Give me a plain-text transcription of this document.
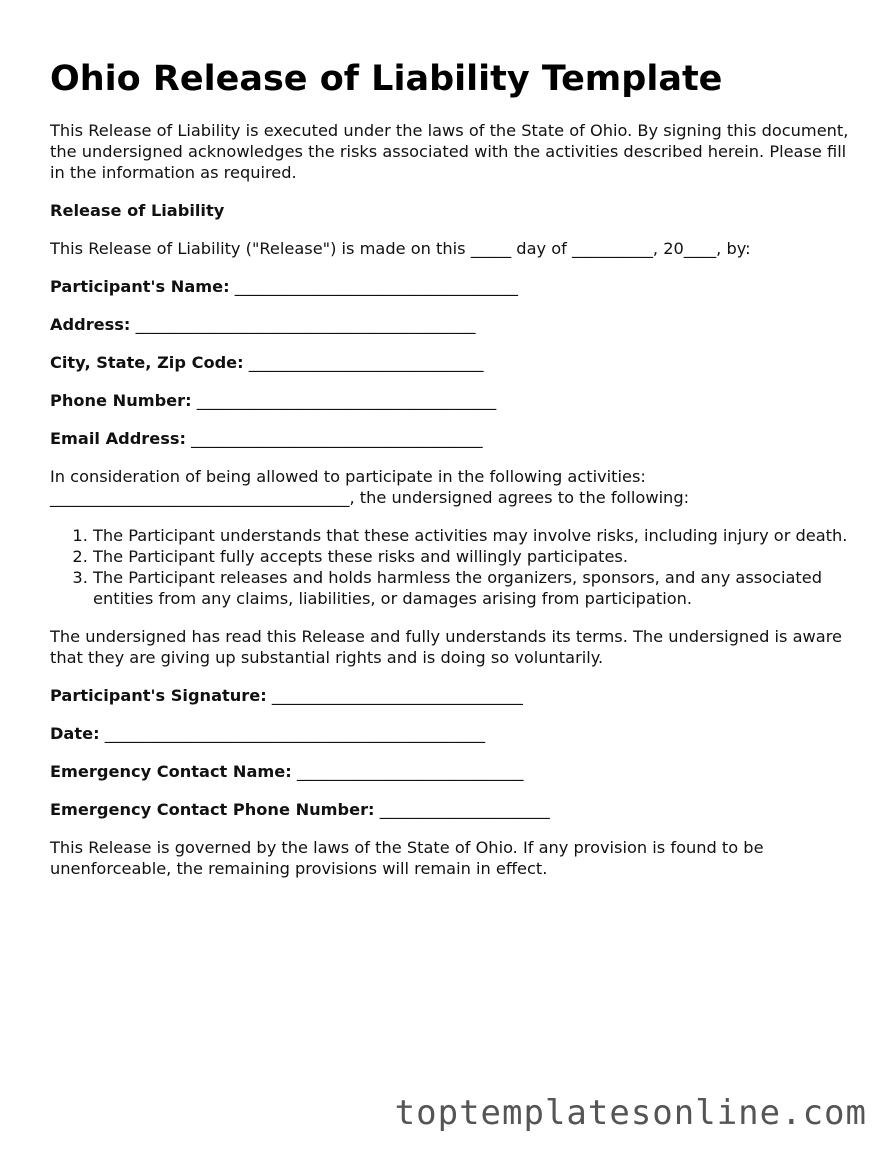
Ohio Release of Liability Template

This Release of Liability is executed under the laws of the State of Ohio. By signing this document, the undersigned acknowledges the risks associated with the activities described herein. Please fill in the information as required.

Release of Liability

This Release of Liability ("Release") is made on this _____ day of __________, 20____, by:

Participant's Name: ___________________________________
Address: __________________________________________
City, State, Zip Code: _____________________________
Phone Number: _____________________________________
Email Address: ____________________________________

In consideration of being allowed to participate in the following activities: _____________________________________, the undersigned agrees to the following:

1. The Participant understands that these activities may involve risks, including injury or death.
2. The Participant fully accepts these risks and willingly participates.
3. The Participant releases and holds harmless the organizers, sponsors, and any associated entities from any claims, liabilities, or damages arising from participation.

The undersigned has read this Release and fully understands its terms. The undersigned is aware that they are giving up substantial rights and is doing so voluntarily.

Participant's Signature: _______________________________
Date: _______________________________________________
Emergency Contact Name: ____________________________
Emergency Contact Phone Number: _____________________

This Release is governed by the laws of the State of Ohio. If any provision is found to be unenforceable, the remaining provisions will remain in effect.

toptemplatesonline.com
